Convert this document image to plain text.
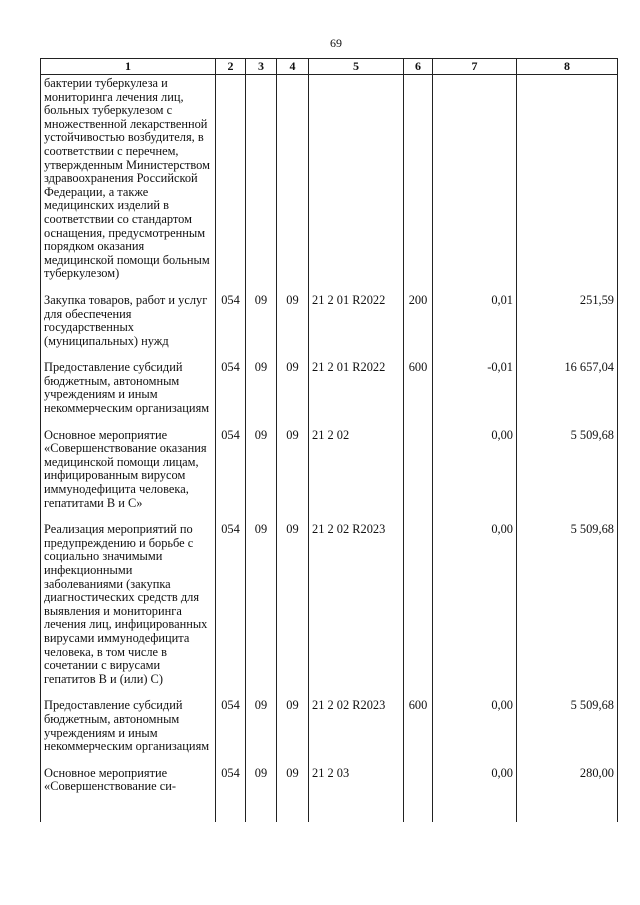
69
1	2	3	4	5	6	7	8
бактерии туберкулеза и мониторинга лечения лиц, больных туберкулезом с множественной лекарственной устойчивостью возбудителя, в соответствии с перечнем, утвержденным Министерством здравоохранения Российской Федерации, а также медицинских изделий в соответствии со стандартом оснащения, предусмотренным порядком оказания медицинской помощи больным туберкулезом)							
Закупка товаров, работ и услуг для обеспечения государственных (муниципальных) нужд	054	09	09	21 2 01 R2022	200	0,01	251,59
Предоставление субсидий бюджетным, автономным учреждениям и иным некоммерческим организациям	054	09	09	21 2 01 R2022	600	-0,01	16 657,04
Основное мероприятие «Совершенствование оказания медицинской помощи лицам, инфицированным вирусом иммунодефицита человека, гепатитами B и C»	054	09	09	21 2 02		0,00	5 509,68
Реализация мероприятий по предупреждению и борьбе с социально значимыми инфекционными заболеваниями (закупка диагностических средств для выявления и мониторинга лечения лиц, инфицированных вирусами иммунодефицита человека, в том числе в сочетании с вирусами гепатитов B и (или) C)	054	09	09	21 2 02 R2023		0,00	5 509,68
Предоставление субсидий бюджетным, автономным учреждениям и иным некоммерческим организациям	054	09	09	21 2 02 R2023	600	0,00	5 509,68
Основное мероприятие «Совершенствование си-	054	09	09	21 2 03		0,00	280,00
